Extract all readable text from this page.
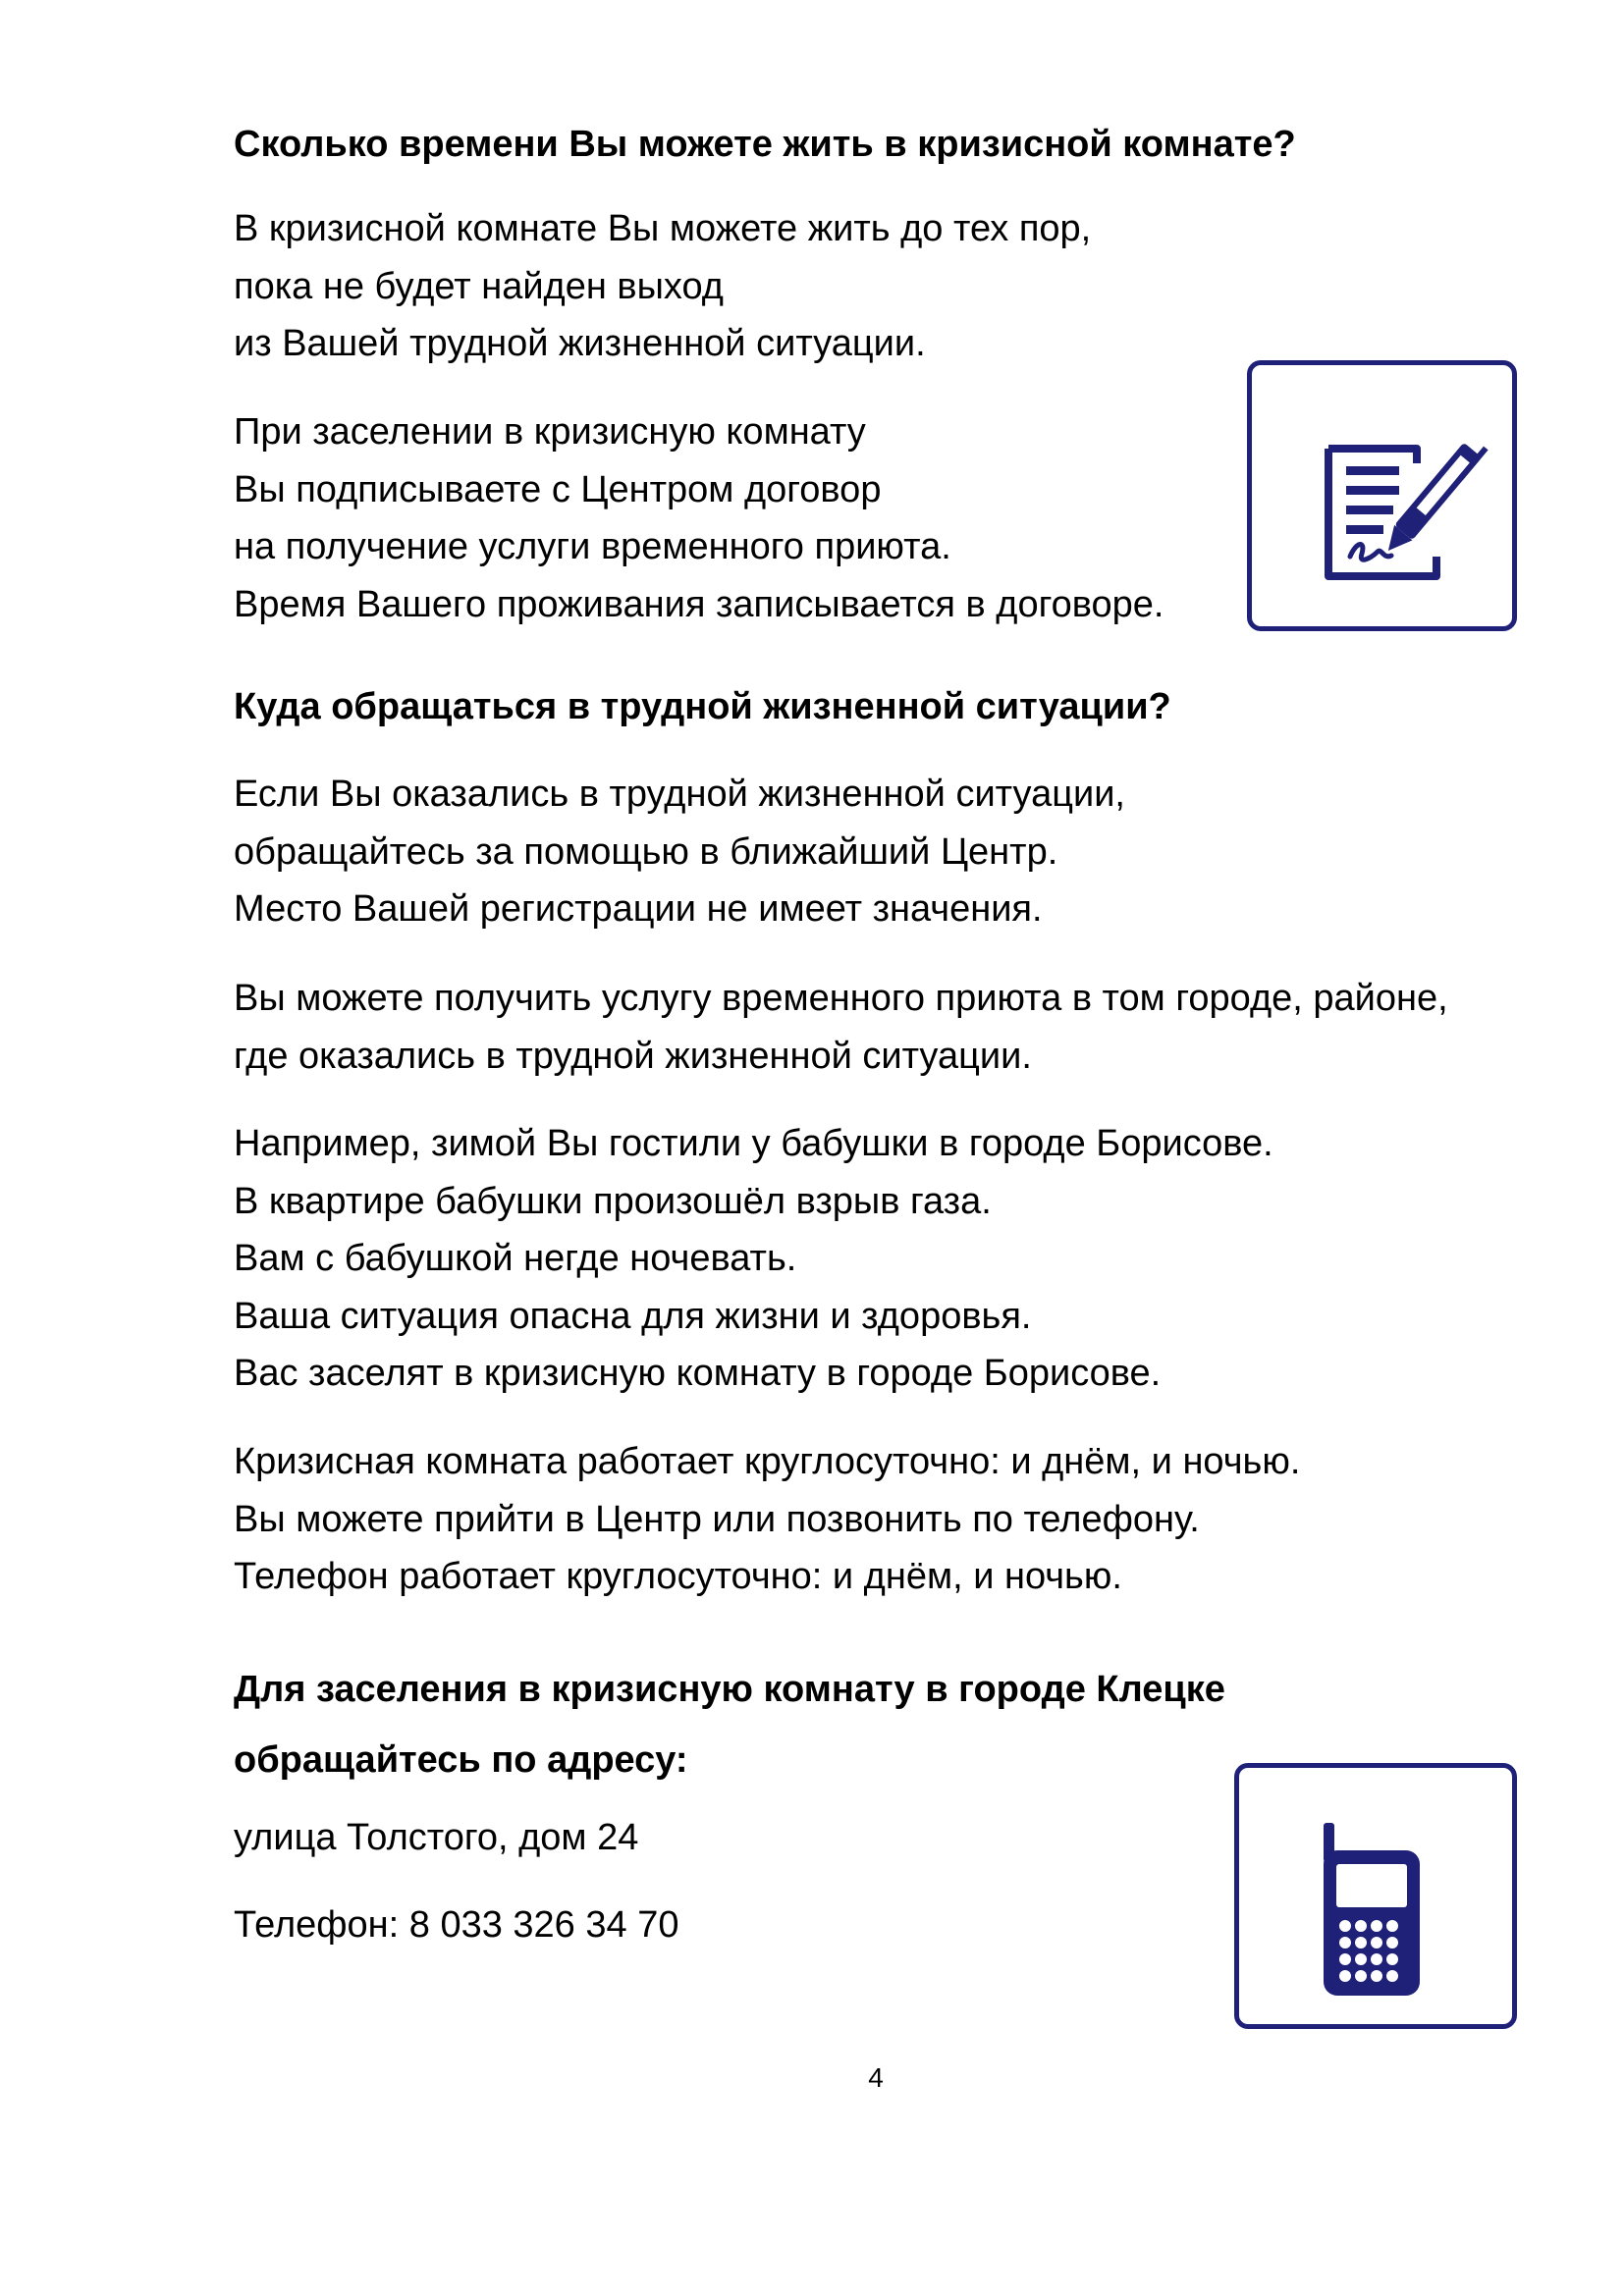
Сколько времени Вы можете жить в кризисной комнате?
В кризисной комнате Вы можете жить до тех пор,
пока не будет найден выход
из Вашей трудной жизненной ситуации.
При заселении в кризисную комнату
Вы подписываете с Центром договор
на получение услуги временного приюта.
Время Вашего проживания записывается в договоре.
Куда обращаться в трудной жизненной ситуации?
Если Вы оказались в трудной жизненной ситуации,
обращайтесь за помощью в ближайший Центр.
Место Вашей регистрации не имеет значения.
Вы можете получить услугу временного приюта в том городе, районе,
где оказались в трудной жизненной ситуации.
Например, зимой Вы гостили у бабушки в городе Борисове.
В квартире бабушки произошёл взрыв газа.
Вам с бабушкой негде ночевать.
Ваша ситуация опасна для жизни и здоровья.
Вас заселят в кризисную комнату в городе Борисове.
Кризисная комната работает круглосуточно: и днём, и ночью.
Вы можете прийти в Центр или позвонить по телефону.
Телефон работает круглосуточно: и днём, и ночью.
Для заселения в кризисную комнату в городе Клецке
обращайтесь по адресу:
улица Толстого, дом 24
Телефон: 8 033 326 34 70
4
